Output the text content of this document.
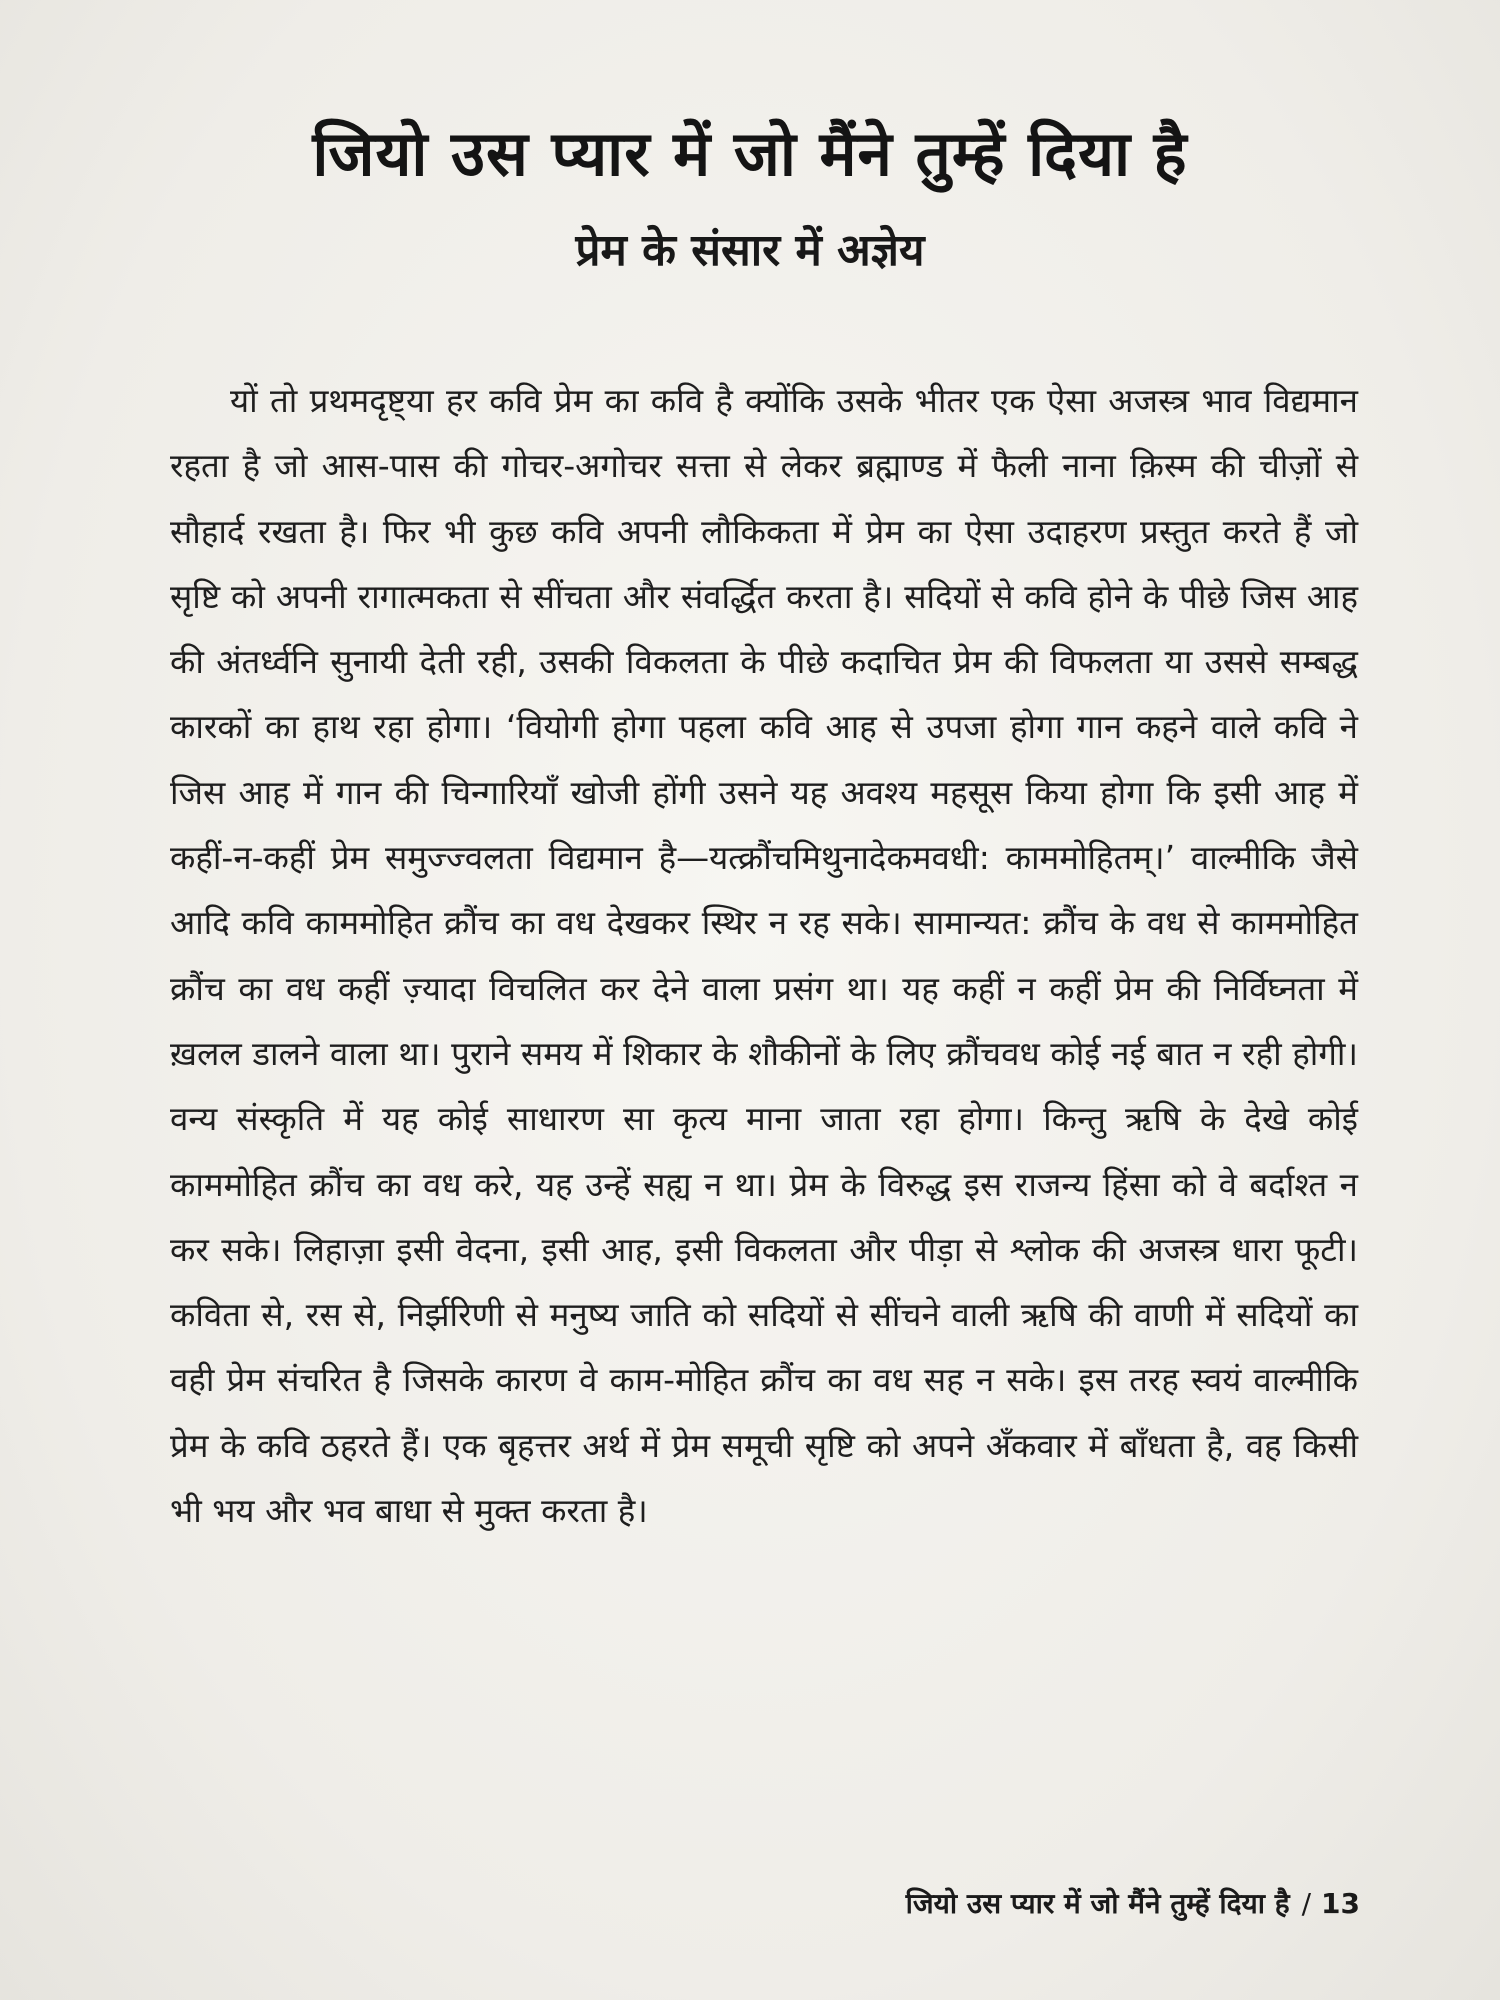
जियो उस प्यार में जो मैंने तुम्हें दिया है
प्रेम के संसार में अज्ञेय

यों तो प्रथमदृष्ट्या हर कवि प्रेम का कवि है क्योंकि उसके भीतर एक ऐसा अजस्त्र भाव विद्यमान रहता है जो आस-पास की गोचर-अगोचर सत्ता से लेकर ब्रह्माण्ड में फैली नाना क़िस्म की चीज़ों से सौहार्द रखता है। फिर भी कुछ कवि अपनी लौकिकता में प्रेम का ऐसा उदाहरण प्रस्तुत करते हैं जो सृष्टि को अपनी रागात्मकता से सींचता और संवर्द्धित करता है। सदियों से कवि होने के पीछे जिस आह की अंतर्ध्वनि सुनायी देती रही, उसकी विकलता के पीछे कदाचित प्रेम की विफलता या उससे सम्बद्ध कारकों का हाथ रहा होगा। ‘वियोगी होगा पहला कवि आह से उपजा होगा गान कहने वाले कवि ने जिस आह में गान की चिन्गारियाँ खोजी होंगी उसने यह अवश्य महसूस किया होगा कि इसी आह में कहीं-न-कहीं प्रेम समुज्ज्वलता विद्यमान है—यत्क्रौंचमिथुनादेकमवधी: काममोहितम्।’ वाल्मीकि जैसे आदि कवि काममोहित क्रौंच का वध देखकर स्थिर न रह सके। सामान्यत: क्रौंच के वध से काममोहित क्रौंच का वध कहीं ज़्यादा विचलित कर देने वाला प्रसंग था। यह कहीं न कहीं प्रेम की निर्विघ्नता में ख़लल डालने वाला था। पुराने समय में शिकार के शौकीनों के लिए क्रौंचवध कोई नई बात न रही होगी। वन्य संस्कृति में यह कोई साधारण सा कृत्य माना जाता रहा होगा। किन्तु ऋषि के देखे कोई काममोहित क्रौंच का वध करे, यह उन्हें सह्य न था। प्रेम के विरुद्ध इस राजन्य हिंसा को वे बर्दाश्त न कर सके। लिहाज़ा इसी वेदना, इसी आह, इसी विकलता और पीड़ा से श्लोक की अजस्त्र धारा फूटी। कविता से, रस से, निर्झरिणी से मनुष्य जाति को सदियों से सींचने वाली ऋषि की वाणी में सदियों का वही प्रेम संचरित है जिसके कारण वे काम-मोहित क्रौंच का वध सह न सके। इस तरह स्वयं वाल्मीकि प्रेम के कवि ठहरते हैं। एक बृहत्तर अर्थ में प्रेम समूची सृष्टि को अपने अँकवार में बाँधता है, वह किसी भी भय और भव बाधा से मुक्त करता है।

जियो उस प्यार में जो मैंने तुम्हें दिया है / 13
